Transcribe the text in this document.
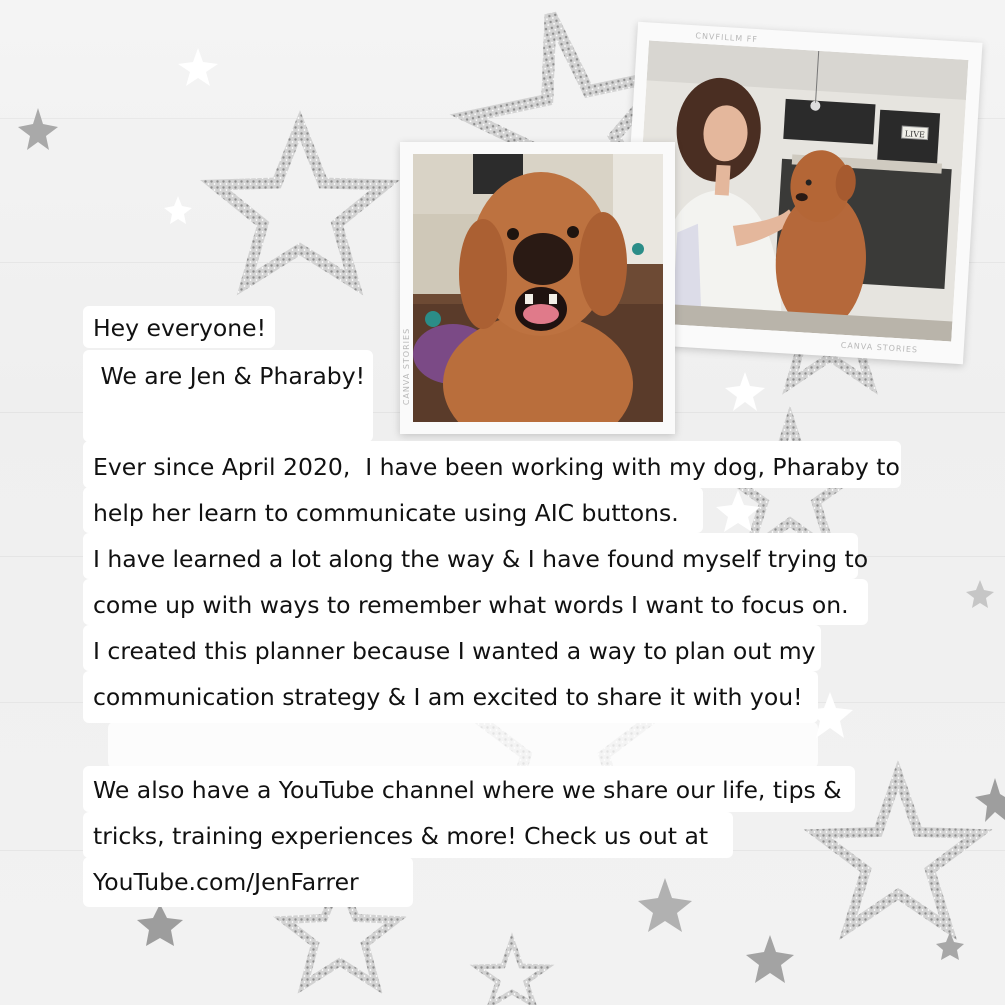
CNVFILLM FF
LIVE
CANVA STORIES
CANVA STORIES
Hey everyone!
We are Jen & Pharaby!
Ever since April 2020,  I have been working with my dog, Pharaby to
help her learn to communicate using AIC buttons.
I have learned a lot along the way & I have found myself trying to
come up with ways to remember what words I want to focus on.
I created this planner because I wanted a way to plan out my
communication strategy & I am excited to share it with you!
We also have a YouTube channel where we share our life, tips &
tricks, training experiences & more! Check us out at
YouTube.com/JenFarrer
